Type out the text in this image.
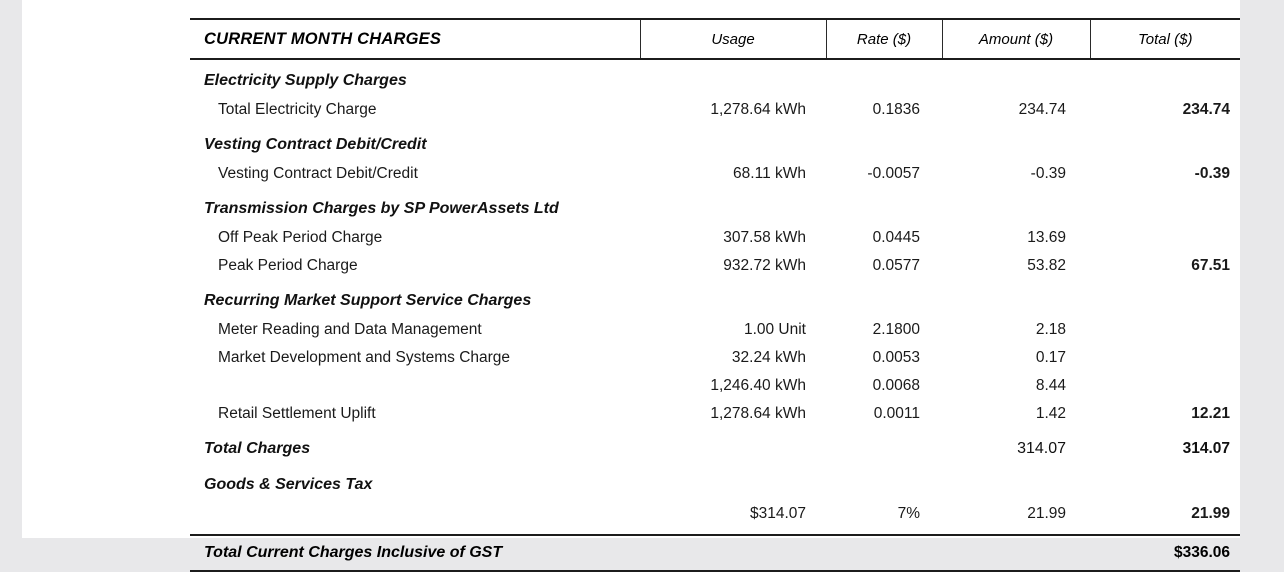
CURRENT MONTH CHARGES	Usage	Rate ($)	Amount ($)	Total ($)
Electricity Supply Charges				
Total Electricity Charge	1,278.64 kWh	0.1836	234.74	234.74
Vesting Contract Debit/Credit				
Vesting Contract Debit/Credit	68.11 kWh	-0.0057	-0.39	-0.39
Transmission Charges by SP PowerAssets Ltd				
Off Peak Period Charge	307.58 kWh	0.0445	13.69	
Peak Period Charge	932.72 kWh	0.0577	53.82	67.51
Recurring Market Support Service Charges				
Meter Reading and Data Management	1.00 Unit	2.1800	2.18	
Market Development and Systems Charge	32.24 kWh	0.0053	0.17	
	1,246.40 kWh	0.0068	8.44	
Retail Settlement Uplift	1,278.64 kWh	0.0011	1.42	12.21
Total Charges			314.07	314.07
Goods & Services Tax				
	$314.07	7%	21.99	21.99

Total Current Charges Inclusive of GST				$336.06
